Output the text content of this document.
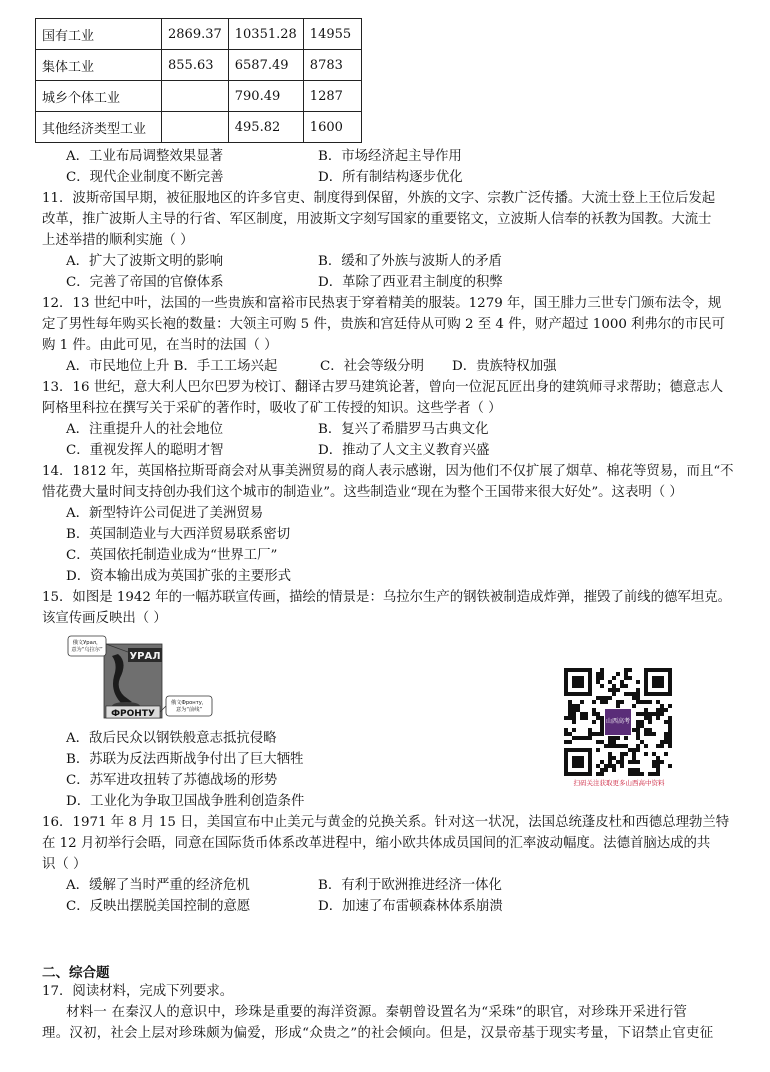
国有工业	2869.37	10351.28	14955
集体工业	855.63	6587.49	8783
城乡个体工业		790.49	1287
其他经济类型工业		495.82	1600
A．工业布局调整效果显著	B．市场经济起主导作用
C．现代企业制度不断完善	D．所有制结构逐步优化
11．波斯帝国早期，被征服地区的许多官吏、制度得到保留，外族的文字、宗教广泛传播。大流士登上王位后发起
改革，推广波斯人主导的行省、军区制度，用波斯文字刻写国家的重要铭文，立波斯人信奉的袄教为国教。大流士
上述举措的顺利实施（ ）
A．扩大了波斯文明的影响	B．缓和了外族与波斯人的矛盾
C．完善了帝国的官僚体系	D．革除了西亚君主制度的积弊
12．13 世纪中叶，法国的一些贵族和富裕市民热衷于穿着精美的服装。1279 年，国王腓力三世专门颁布法令，规
定了男性每年购买长袍的数量：大领主可购 5 件，贵族和宫廷侍从可购 2 至 4 件，财产超过 1000 利弗尔的市民可
购 1 件。由此可见，在当时的法国（ ）
A．市民地位上升 B．手工工场兴起	C．社会等级分明 D．贵族特权加强
13．16 世纪，意大利人巴尔巴罗为校订、翻译古罗马建筑论著，曾向一位泥瓦匠出身的建筑师寻求帮助；德意志人
阿格里科拉在撰写关于采矿的著作时，吸收了矿工传授的知识。这些学者（ ）
A．注重提升人的社会地位	B．复兴了希腊罗马古典文化
C．重视发挥人的聪明才智	D．推动了人文主义教育兴盛
14．1812 年，英国格拉斯哥商会对从事美洲贸易的商人表示感谢，因为他们不仅扩展了烟草、棉花等贸易，而且“不
惜花费大量时间支持创办我们这个城市的制造业”。这些制造业“现在为整个王国带来很大好处”。这表明（ ）
A．新型特许公司促进了美洲贸易
B．英国制造业与大西洋贸易联系密切
C．英国依托制造业成为“世界工厂”
D．资本输出成为英国扩张的主要形式
15．如图是 1942 年的一幅苏联宣传画，描绘的情景是：乌拉尔生产的钢铁被制造成炸弹，摧毁了前线的德军坦克。
该宣传画反映出（ ）
УРАЛ
ФРОНТУ
俄文Урал，意为“乌拉尔”
俄文Фронту，意为“前线”
A．敌后民众以钢铁般意志抵抗侵略
B．苏联为反法西斯战争付出了巨大牺牲
C．苏军进攻扭转了苏德战场的形势
D．工业化为争取卫国战争胜利创造条件
山西高考
扫码关注获取更多山西高中资料
16．1971 年 8 月 15 日，美国宣布中止美元与黄金的兑换关系。针对这一状况，法国总统蓬皮杜和西德总理勃兰特
在 12 月初举行会晤，同意在国际货币体系改革进程中，缩小欧共体成员国间的汇率波动幅度。法德首脑达成的共
识（ ）
A．缓解了当时严重的经济危机	B．有利于欧洲推进经济一体化
C．反映出摆脱美国控制的意愿	D．加速了布雷顿森林体系崩溃
二、综合题
17．阅读材料，完成下列要求。
材料一 在秦汉人的意识中，珍珠是重要的海洋资源。秦朝曾设置名为“采珠”的职官，对珍珠开采进行管
理。汉初，社会上层对珍珠颇为偏爱，形成“众贵之”的社会倾向。但是，汉景帝基于现实考量，下诏禁止官吏征
